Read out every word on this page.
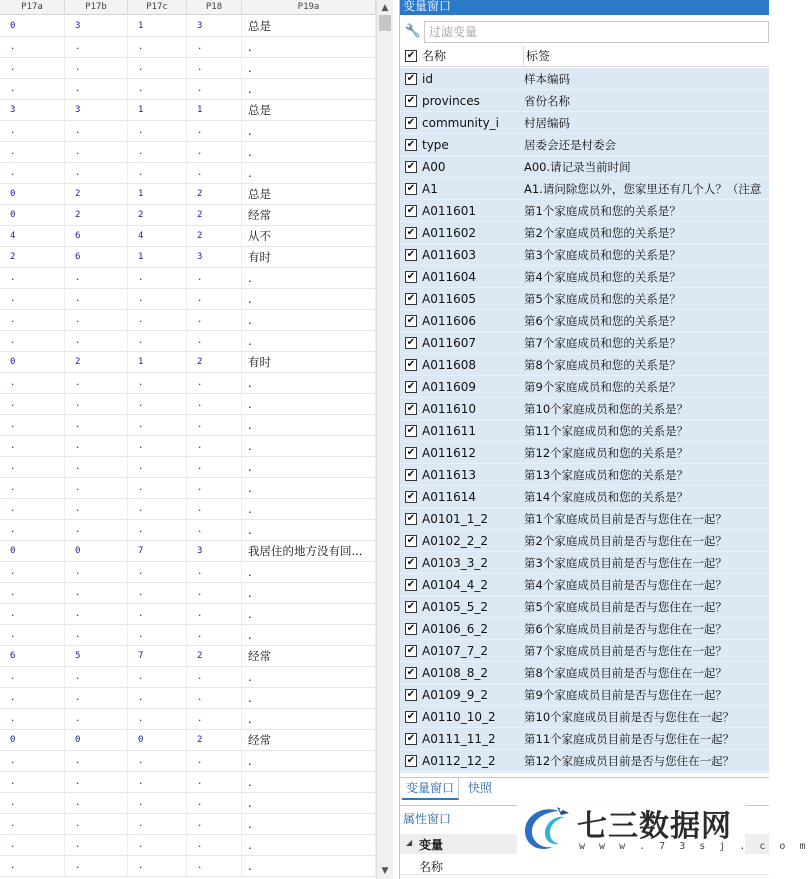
P17a	P17b	P17c	P18	P19a
0	3	1	3	总是
.	.	.	.	.
.	.	.	.	.
.	.	.	.	.
3	3	1	1	总是
.	.	.	.	.
.	.	.	.	.
.	.	.	.	.
0	2	1	2	总是
0	2	2	2	经常
4	6	4	2	从不
2	6	1	3	有时
.	.	.	.	.
.	.	.	.	.
.	.	.	.	.
.	.	.	.	.
0	2	1	2	有时
.	.	.	.	.
.	.	.	.	.
.	.	.	.	.
.	.	.	.	.
.	.	.	.	.
.	.	.	.	.
.	.	.	.	.
.	.	.	.	.
0	0	7	3	我居住的地方没有回...
.	.	.	.	.
.	.	.	.	.
.	.	.	.	.
.	.	.	.	.
6	5	7	2	经常
.	.	.	.	.
.	.	.	.	.
.	.	.	.	.
0	0	0	2	经常
.	.	.	.	.
.	.	.	.	.
.	.	.	.	.
.	.	.	.	.
.	.	.	.	.
.	.	.	.	.
▲
▼
变量窗口
🔧
过滤变量
✔ 名称	标签
✔ id	样本编码
✔ provinces	省份名称
✔ community_i 村居编码
✔ type	居委会还是村委会
✔ A00	A00.请记录当前时间
✔ A1	A1.请问除您以外，您家里还有几个人？（注意
✔ A011601	第1个家庭成员和您的关系是？
✔ A011602	第2个家庭成员和您的关系是？
✔ A011603	第3个家庭成员和您的关系是？
✔ A011604	第4个家庭成员和您的关系是？
✔ A011605	第5个家庭成员和您的关系是？
✔ A011606	第6个家庭成员和您的关系是？
✔ A011607	第7个家庭成员和您的关系是？
✔ A011608	第8个家庭成员和您的关系是？
✔ A011609	第9个家庭成员和您的关系是？
✔ A011610	第10个家庭成员和您的关系是？
✔ A011611	第11个家庭成员和您的关系是？
✔ A011612	第12个家庭成员和您的关系是？
✔ A011613	第13个家庭成员和您的关系是？
✔ A011614	第14个家庭成员和您的关系是？
✔ A0101_1_2	第1个家庭成员目前是否与您住在一起？
✔ A0102_2_2	第2个家庭成员目前是否与您住在一起？
✔ A0103_3_2	第3个家庭成员目前是否与您住在一起？
✔ A0104_4_2	第4个家庭成员目前是否与您住在一起？
✔ A0105_5_2	第5个家庭成员目前是否与您住在一起？
✔ A0106_6_2	第6个家庭成员目前是否与您住在一起？
✔ A0107_7_2	第7个家庭成员目前是否与您住在一起？
✔ A0108_8_2	第8个家庭成员目前是否与您住在一起？
✔ A0109_9_2	第9个家庭成员目前是否与您住在一起？
✔ A0110_10_2 第10个家庭成员目前是否与您住在一起？
✔ A0111_11_2 第11个家庭成员目前是否与您住在一起？
✔ A0112_12_2 第12个家庭成员目前是否与您住在一起？
变量窗口	快照
属性窗口
◢ 变量
名称
七三数据网
w w w . 7 3 s j . c o m
